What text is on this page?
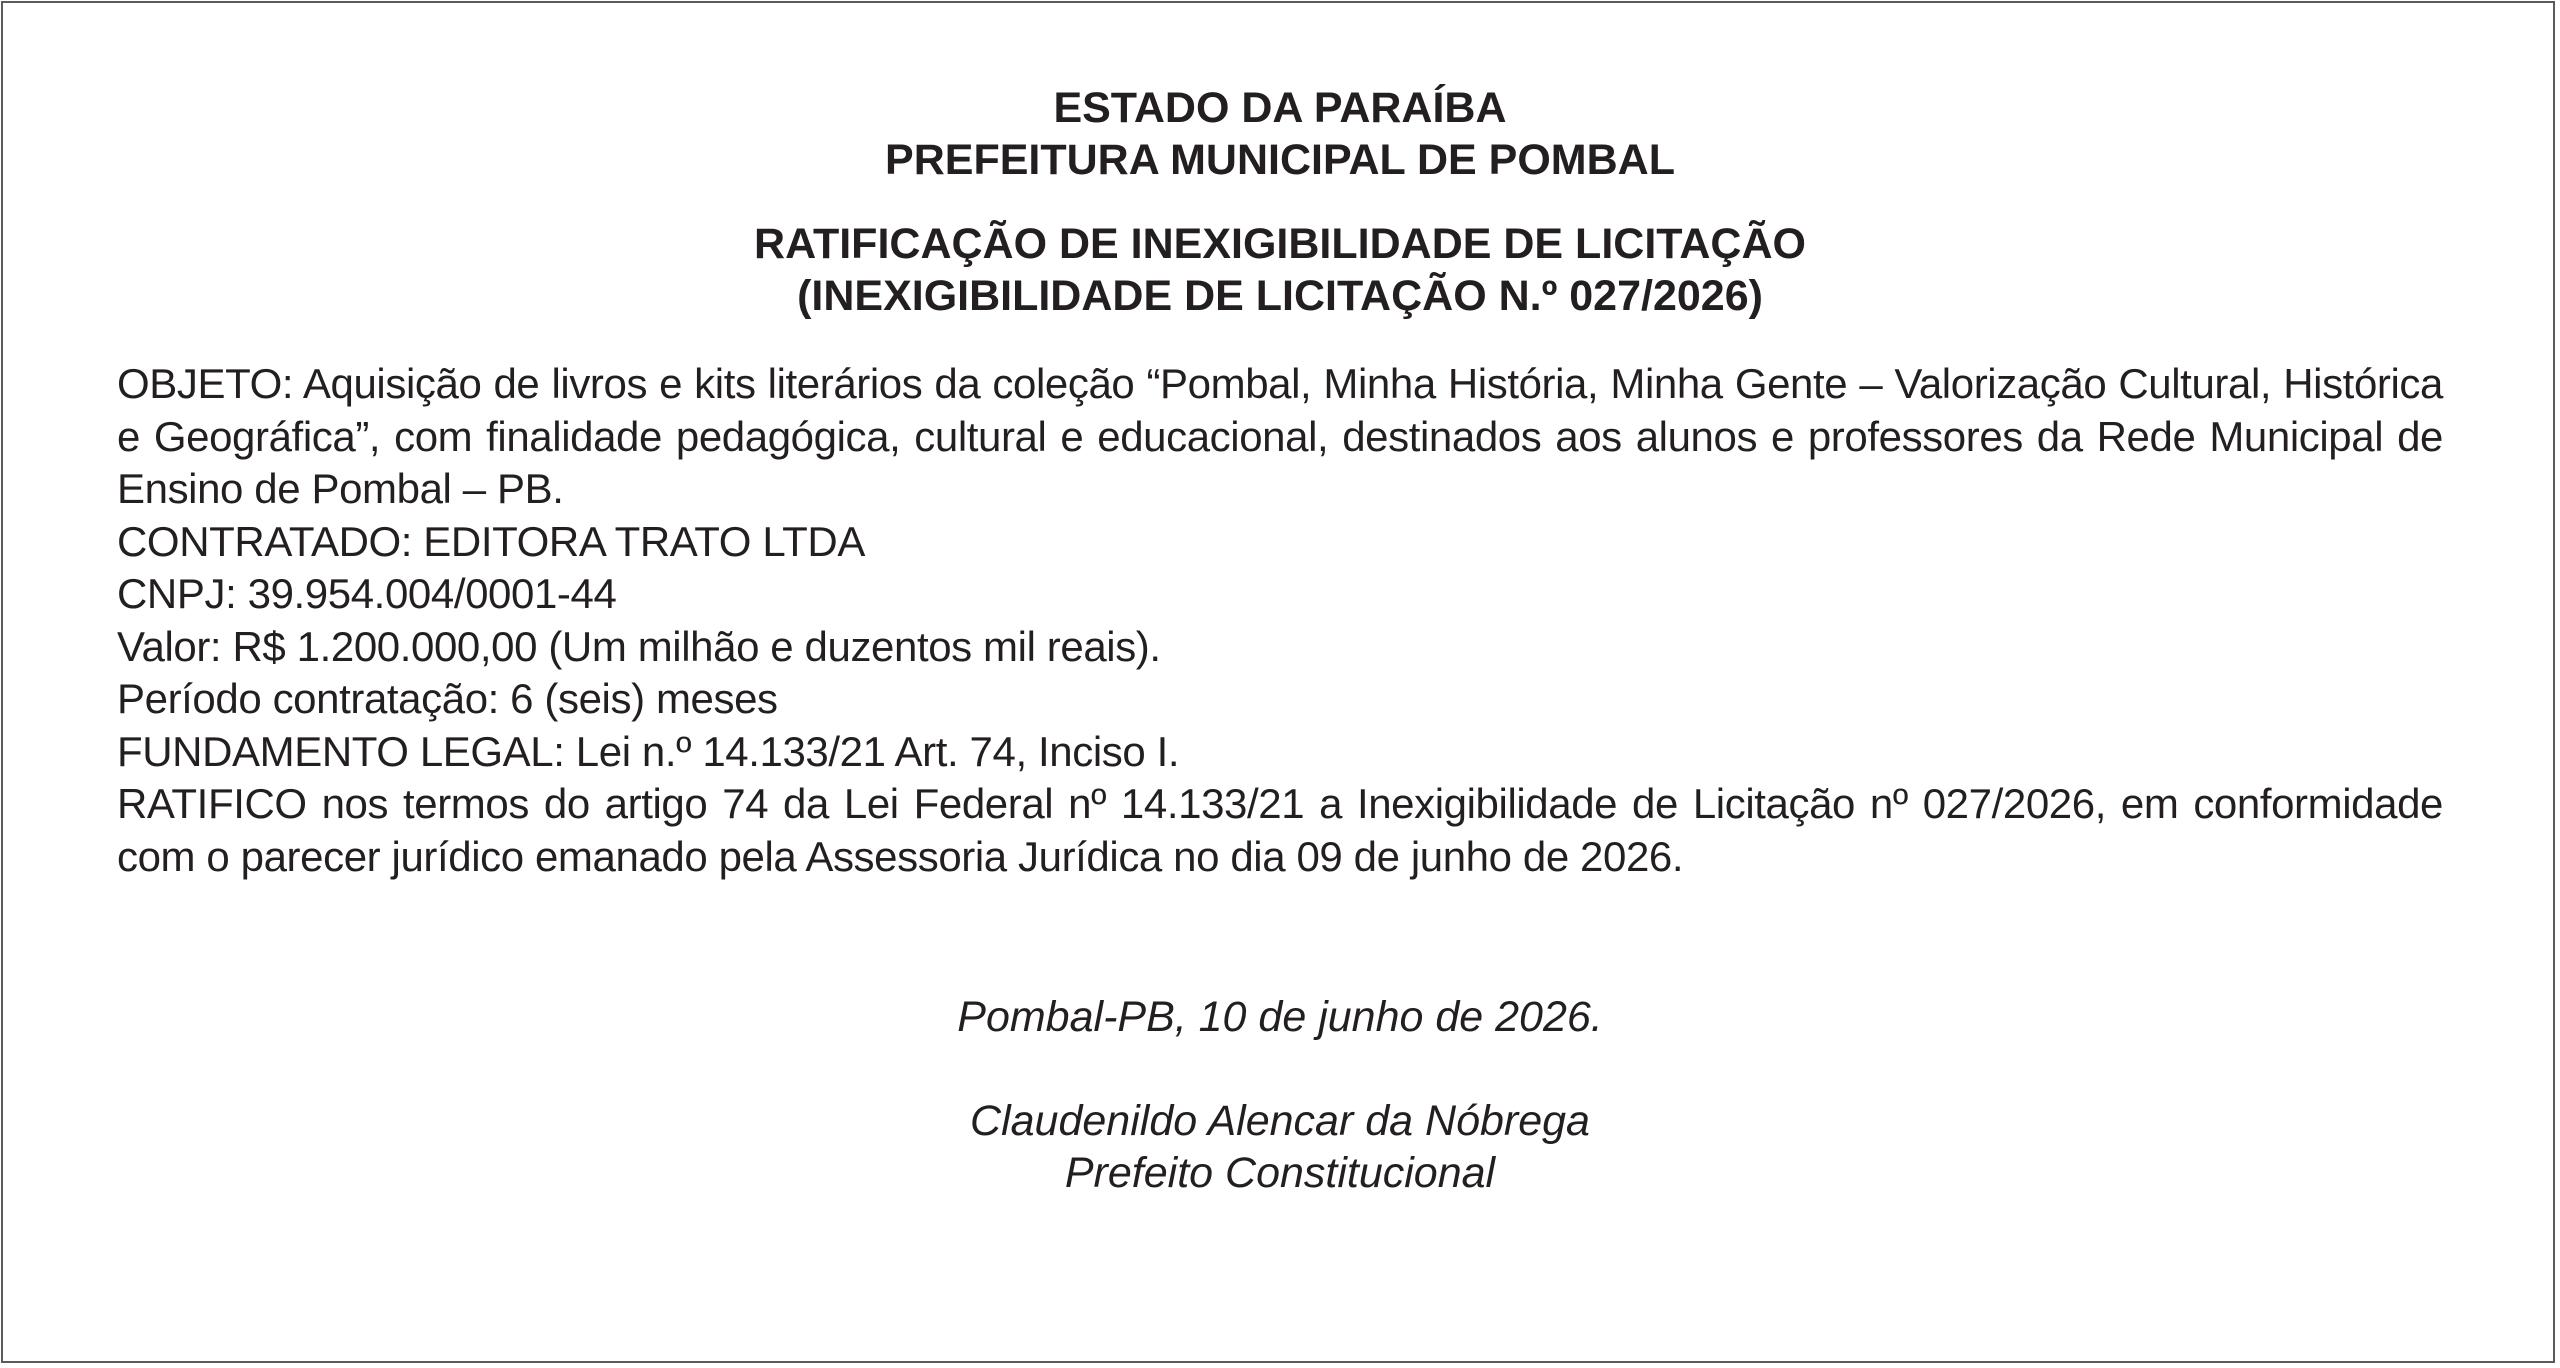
ESTADO DA PARAÍBA

PREFEITURA MUNICIPAL DE POMBAL

RATIFICAÇÃO DE INEXIGIBILIDADE DE LICITAÇÃO

(INEXIGIBILIDADE DE LICITAÇÃO N.º 027/2026)

OBJETO: Aquisição de livros e kits literários da coleção “Pombal, Minha História, Minha Gente – Valorização Cultural, Histórica e Geográfica”, com finalidade pedagógica, cultural e educacional, destinados aos alunos e professores da Rede Municipal de Ensino de Pombal – PB.

CONTRATADO: EDITORA TRATO LTDA

CNPJ: 39.954.004/0001-44

Valor: R$ 1.200.000,00 (Um milhão e duzentos mil reais).

Período contratação: 6 (seis) meses

FUNDAMENTO LEGAL: Lei n.º 14.133/21 Art. 74, Inciso I.

RATIFICO nos termos do artigo 74 da Lei Federal nº 14.133/21 a Inexigibilidade de Licitação nº 027/2026, em conformidade com o parecer jurídico emanado pela Assessoria Jurídica no dia 09 de junho de 2026.

Pombal-PB, 10 de junho de 2026.

Claudenildo Alencar da Nóbrega

Prefeito Constitucional
